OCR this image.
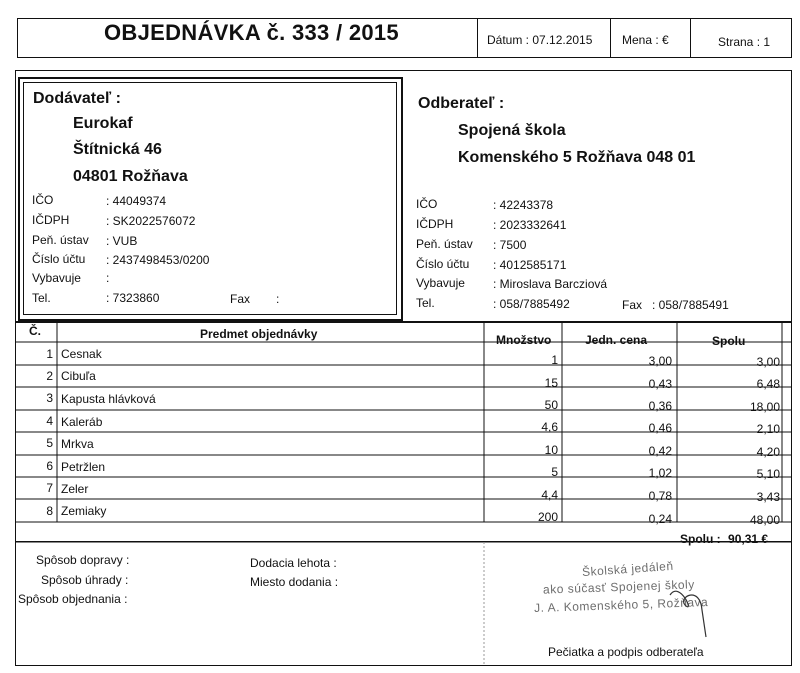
OBJEDNÁVKA č. 333 / 2015	Dátum : 07.12.2015 Mena : €	Strana : 1
Dodávateľ :
Eurokaf
Štítnická 46
04801 Rožňava
IČO	: 44049374
IČDPH	: SK2022576072
Peň. ústav : VUB
Číslo účtu : 2437498453/0200
Vybavuje :
Tel.	: 7323860	Fax :
Odberateľ :
Spojená škola
Komenského 5 Rožňava 048 01
IČO	: 42243378
IČDPH	: 2023332641
Peň. ústav : 7500
Číslo účtu : 4012585171
Vybavuje : Miroslava Barcziová
Tel.	: 058/7885492	Fax : 058/7885491
Č.	Predmet objednávky	Množstvo	Jedn. cena	Spolu
1 Cesnak	1	3,00	3,00
2 Cibuľa	15	0,43	6,48
3 Kapusta hlávková	50	0,36	18,00
4 Kaleráb	4,6	0,46	2,10
5 Mrkva	10	0,42	4,20
6 Petržlen	5	1,02	5,10
7 Zeler	4,4	0,78	3,43
8 Zemiaky	200	0,24	48,00
Spolu : 90,31 €
Spôsob dopravy :
Spôsob úhrady :
Spôsob objednania :
Dodacia lehota :
Miesto dodania :
Školská jedáleň
ako súčasť Spojenej školy
J. A. Komenského 5, Rožňava
Pečiatka a podpis odberateľa
